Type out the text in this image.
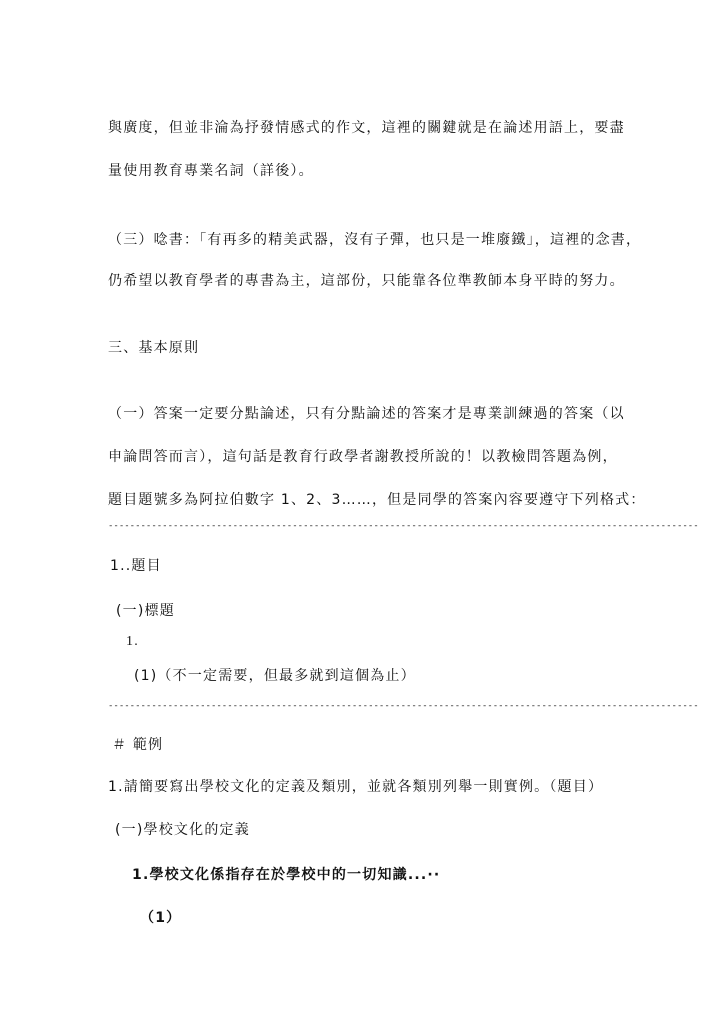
與廣度，但並非淪為抒發情感式的作文，這裡的關鍵就是在論述用語上，要盡
量使用教育專業名詞（詳後）。
（三）唸書：「有再多的精美武器，沒有子彈，也只是一堆廢鐵」，這裡的念書，
仍希望以教育學者的專書為主，這部份，只能靠各位準教師本身平時的努力。
三、基本原則
（一）答案一定要分點論述，只有分點論述的答案才是專業訓練過的答案（以
申論問答而言），這句話是教育行政學者謝教授所說的！以教檢問答題為例，
題目題號多為阿拉伯數字 1、2、3……，但是同學的答案內容要遵守下列格式：
-------------------------------------------------------------------------------------------------------------
1..題目
(一)標題
1.
(1)（不一定需要，但最多就到這個為止）
-------------------------------------------------------------------------------------------------------------
＃ 範例
1.請簡要寫出學校文化的定義及類別，並就各類別列舉一則實例。（題目）
(一)學校文化的定義
1.學校文化係指存在於學校中的一切知識...··
（1）
